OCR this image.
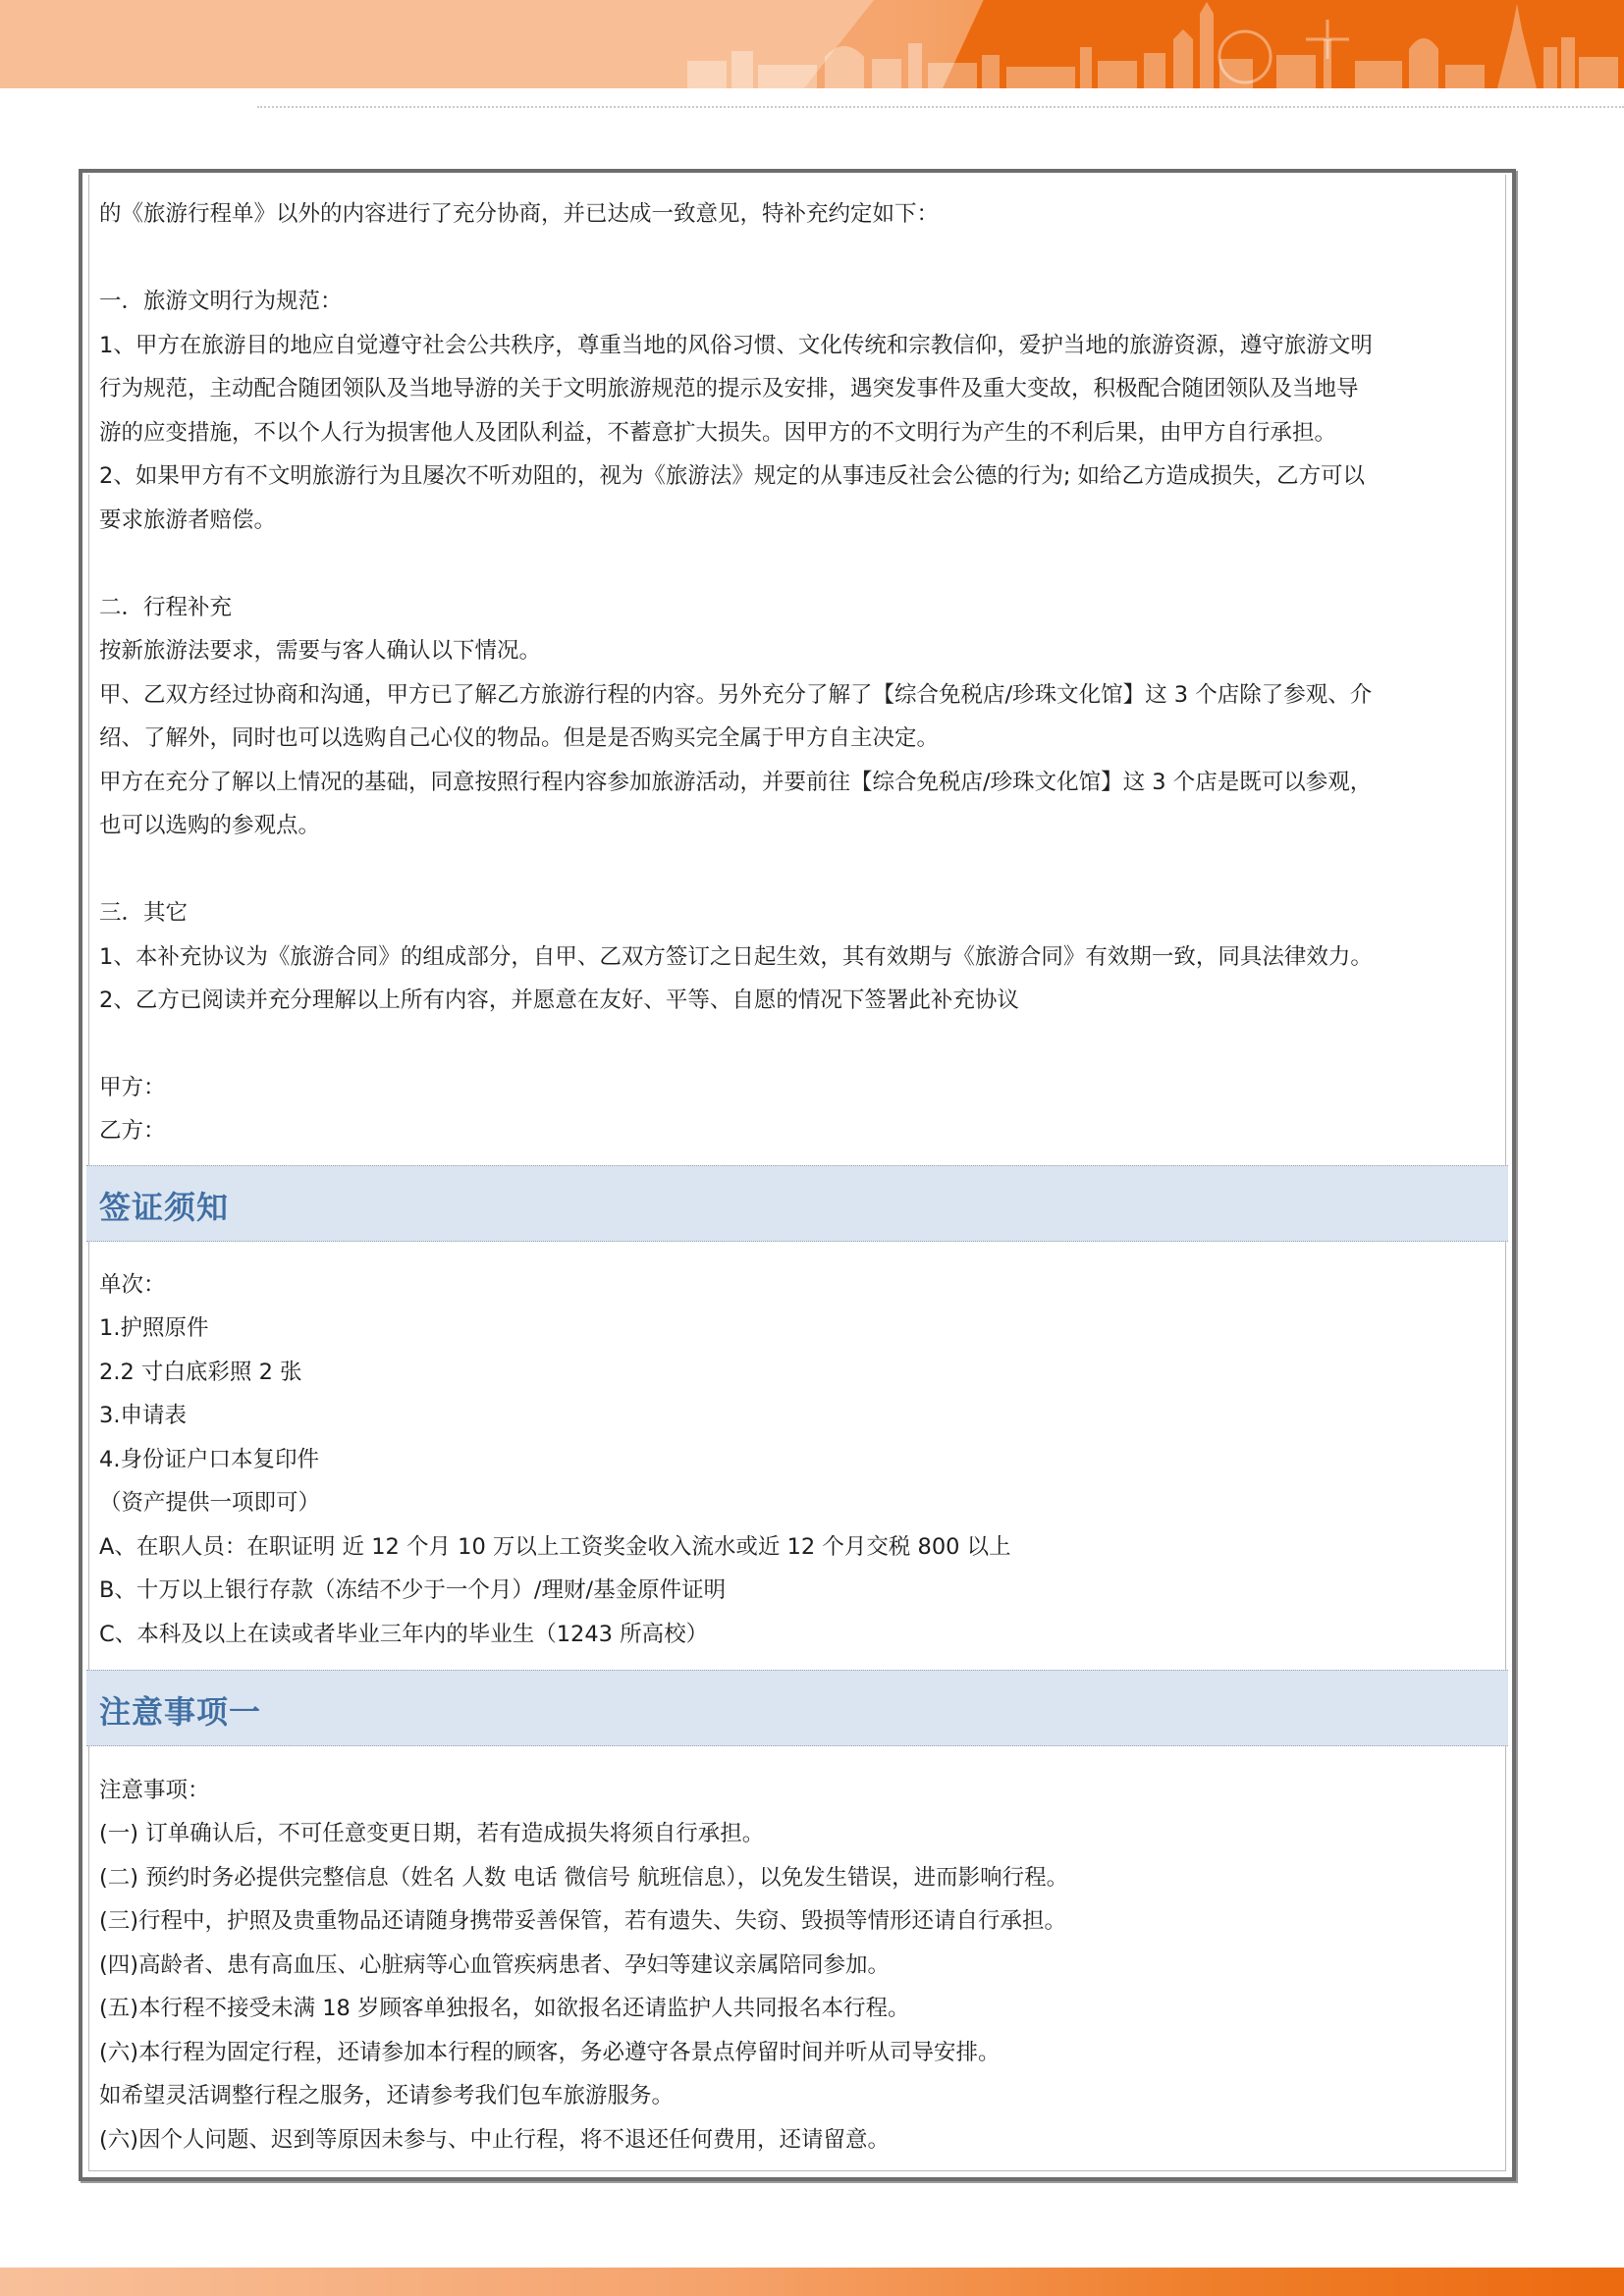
的《旅游行程单》以外的内容进行了充分协商，并已达成一致意见，特补充约定如下：
一．旅游文明行为规范：
1、甲方在旅游目的地应自觉遵守社会公共秩序，尊重当地的风俗习惯、文化传统和宗教信仰，爱护当地的旅游资源，遵守旅游文明
行为规范，主动配合随团领队及当地导游的关于文明旅游规范的提示及安排，遇突发事件及重大变故，积极配合随团领队及当地导
游的应变措施，不以个人行为损害他人及团队利益，不蓄意扩大损失。因甲方的不文明行为产生的不利后果，由甲方自行承担。
2、如果甲方有不文明旅游行为且屡次不听劝阻的，视为《旅游法》规定的从事违反社会公德的行为; 如给乙方造成损失，乙方可以
要求旅游者赔偿。
二．行程补充
按新旅游法要求，需要与客人确认以下情况。
甲、乙双方经过协商和沟通，甲方已了解乙方旅游行程的内容。另外充分了解了【综合免税店/珍珠文化馆】这 3 个店除了参观、介
绍、了解外，同时也可以选购自己心仪的物品。但是是否购买完全属于甲方自主决定。
甲方在充分了解以上情况的基础，同意按照行程内容参加旅游活动，并要前往【综合免税店/珍珠文化馆】这 3 个店是既可以参观，
也可以选购的参观点。
三．其它
1、本补充协议为《旅游合同》的组成部分，自甲、乙双方签订之日起生效，其有效期与《旅游合同》有效期一致，同具法律效力。
2、乙方已阅读并充分理解以上所有内容，并愿意在友好、平等、自愿的情况下签署此补充协议
甲方：
乙方：
签证须知
单次：
1.护照原件
2.2 寸白底彩照 2 张
3.申请表
4.身份证户口本复印件
（资产提供一项即可）
A、在职人员：在职证明 近 12 个月 10 万以上工资奖金收入流水或近 12 个月交税 800 以上
B、十万以上银行存款（冻结不少于一个月）/理财/基金原件证明
C、本科及以上在读或者毕业三年内的毕业生（1243 所高校）
注意事项一
注意事项：
(一) 订单确认后，不可任意变更日期，若有造成损失将须自行承担。
(二) 预约时务必提供完整信息（姓名 人数 电话 微信号 航班信息），以免发生错误，进而影响行程。
(三)行程中，护照及贵重物品还请随身携带妥善保管，若有遗失、失窃、毁损等情形还请自行承担。
(四)高龄者、患有高血压、心脏病等心血管疾病患者、孕妇等建议亲属陪同参加。
(五)本行程不接受未满 18 岁顾客单独报名，如欲报名还请监护人共同报名本行程。
(六)本行程为固定行程，还请参加本行程的顾客，务必遵守各景点停留时间并听从司导安排。
如希望灵活调整行程之服务，还请参考我们包车旅游服务。
(六)因个人问题、迟到等原因未参与、中止行程，将不退还任何费用，还请留意。
